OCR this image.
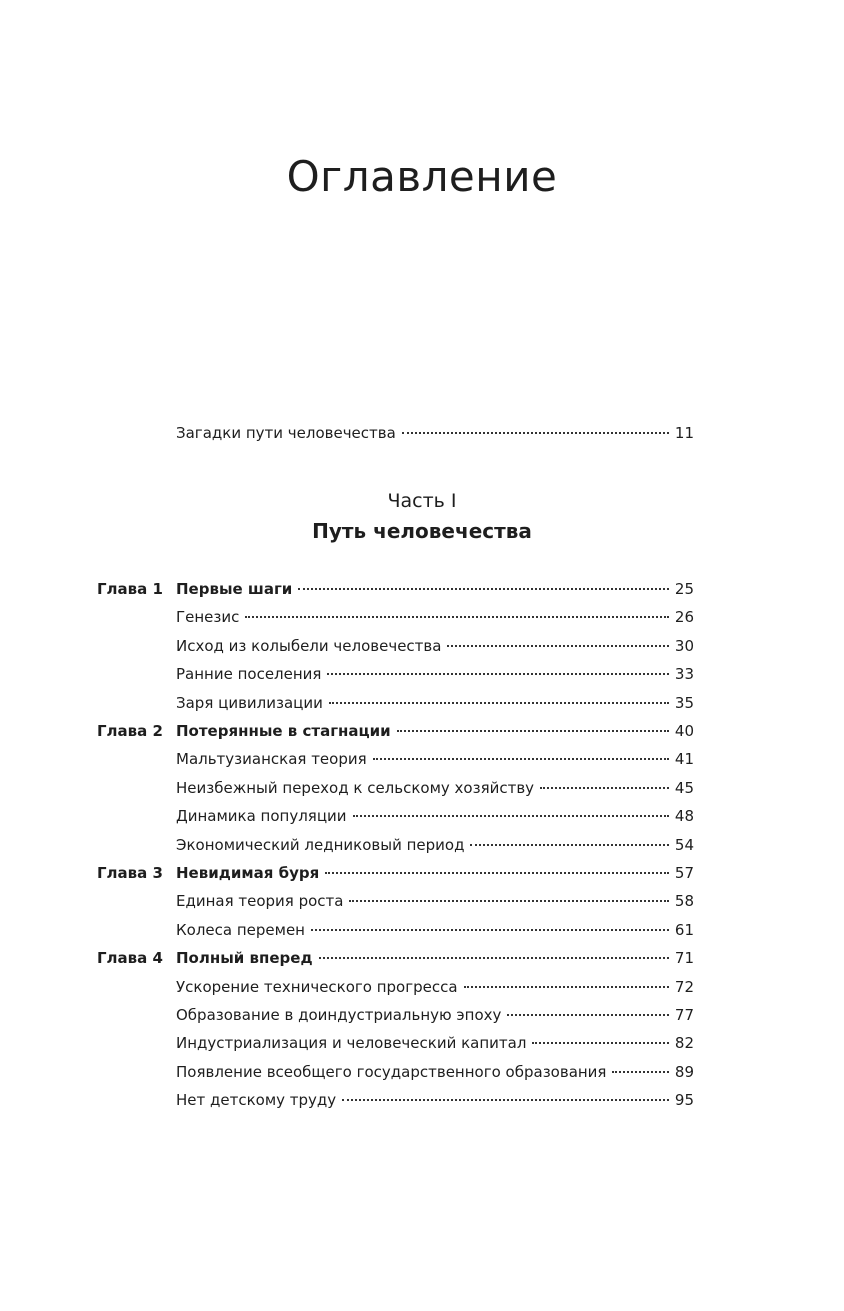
Оглавление
Загадки пути человечества	11
Часть I
Путь человечества
Глава 1 Первые шаги	25
Генезис	26
Исход из колыбели человечества	30
Ранние поселения	33
Заря цивилизации	35
Глава 2 Потерянные в стагнации	40
Мальтузианская теория	41
Неизбежный переход к сельскому хозяйству	45
Динамика популяции	48
Экономический ледниковый период	54
Глава 3 Невидимая буря	57
Единая теория роста	58
Колеса перемен	61
Глава 4 Полный вперед	71
Ускорение технического прогресса	72
Образование в доиндустриальную эпоху	77
Индустриализация и человеческий капитал	82
Появление всеобщего государственного образования	89
Нет детскому труду	95
